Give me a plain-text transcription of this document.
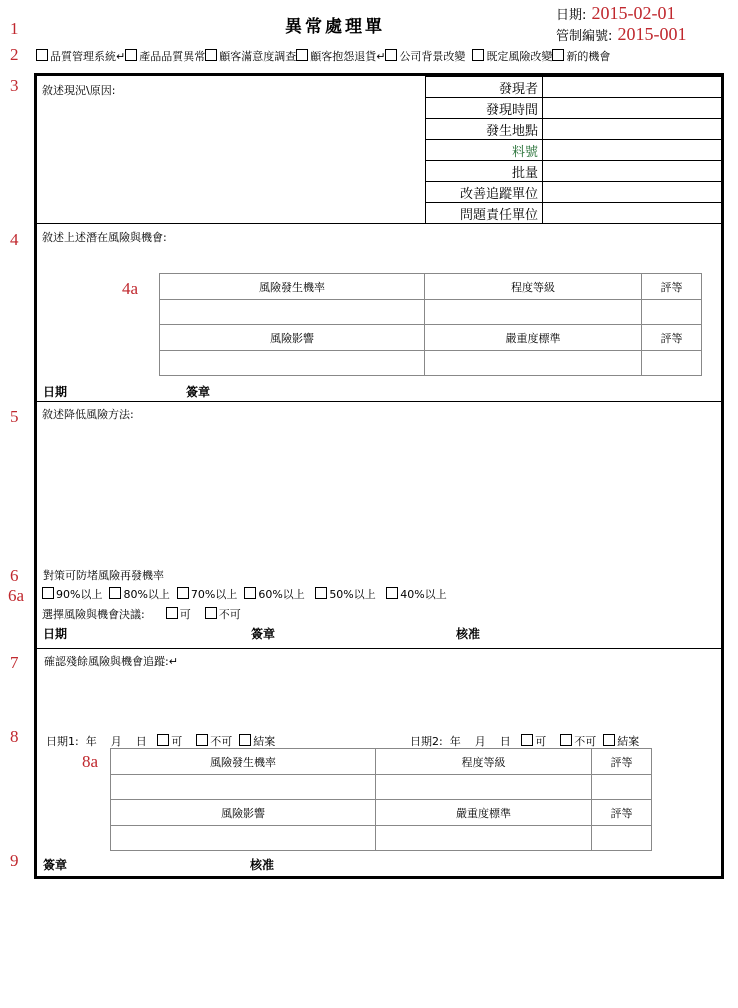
1
2
3
4
4a
5
6
6a
7
8
8a
9
異常處理單
日期: 2015-02-01
管制編號: 2015-001
品質管理系統↵ 產品品質異常 顧客滿意度調查 顧客抱怨退貨↵ 公司背景改變 既定風險改變 新的機會
敘述現況\原因:	發現者	
發現時間	
發生地點	
料號	
批量	
改善追蹤單位	
問題責任單位	
敘述上述潛在風險與機會:
風險發生機率	程度等級	評等

風險影響	嚴重度標準	評等

日期	簽章
敘述降低風險方法:
對策可防堵風險再發機率
90%以上 80%以上 70%以上 60%以上 50%以上 40%以上
選擇風險與機會決議:	可	不可
日期	簽章	核准
確認殘餘風險與機會追蹤:↵
日期1: 年 月 日 可	不可 結案	日期2: 年 月 日 可	不可 結案
風險發生機率	程度等級	評等

風險影響	嚴重度標準	評等

簽章	核准
